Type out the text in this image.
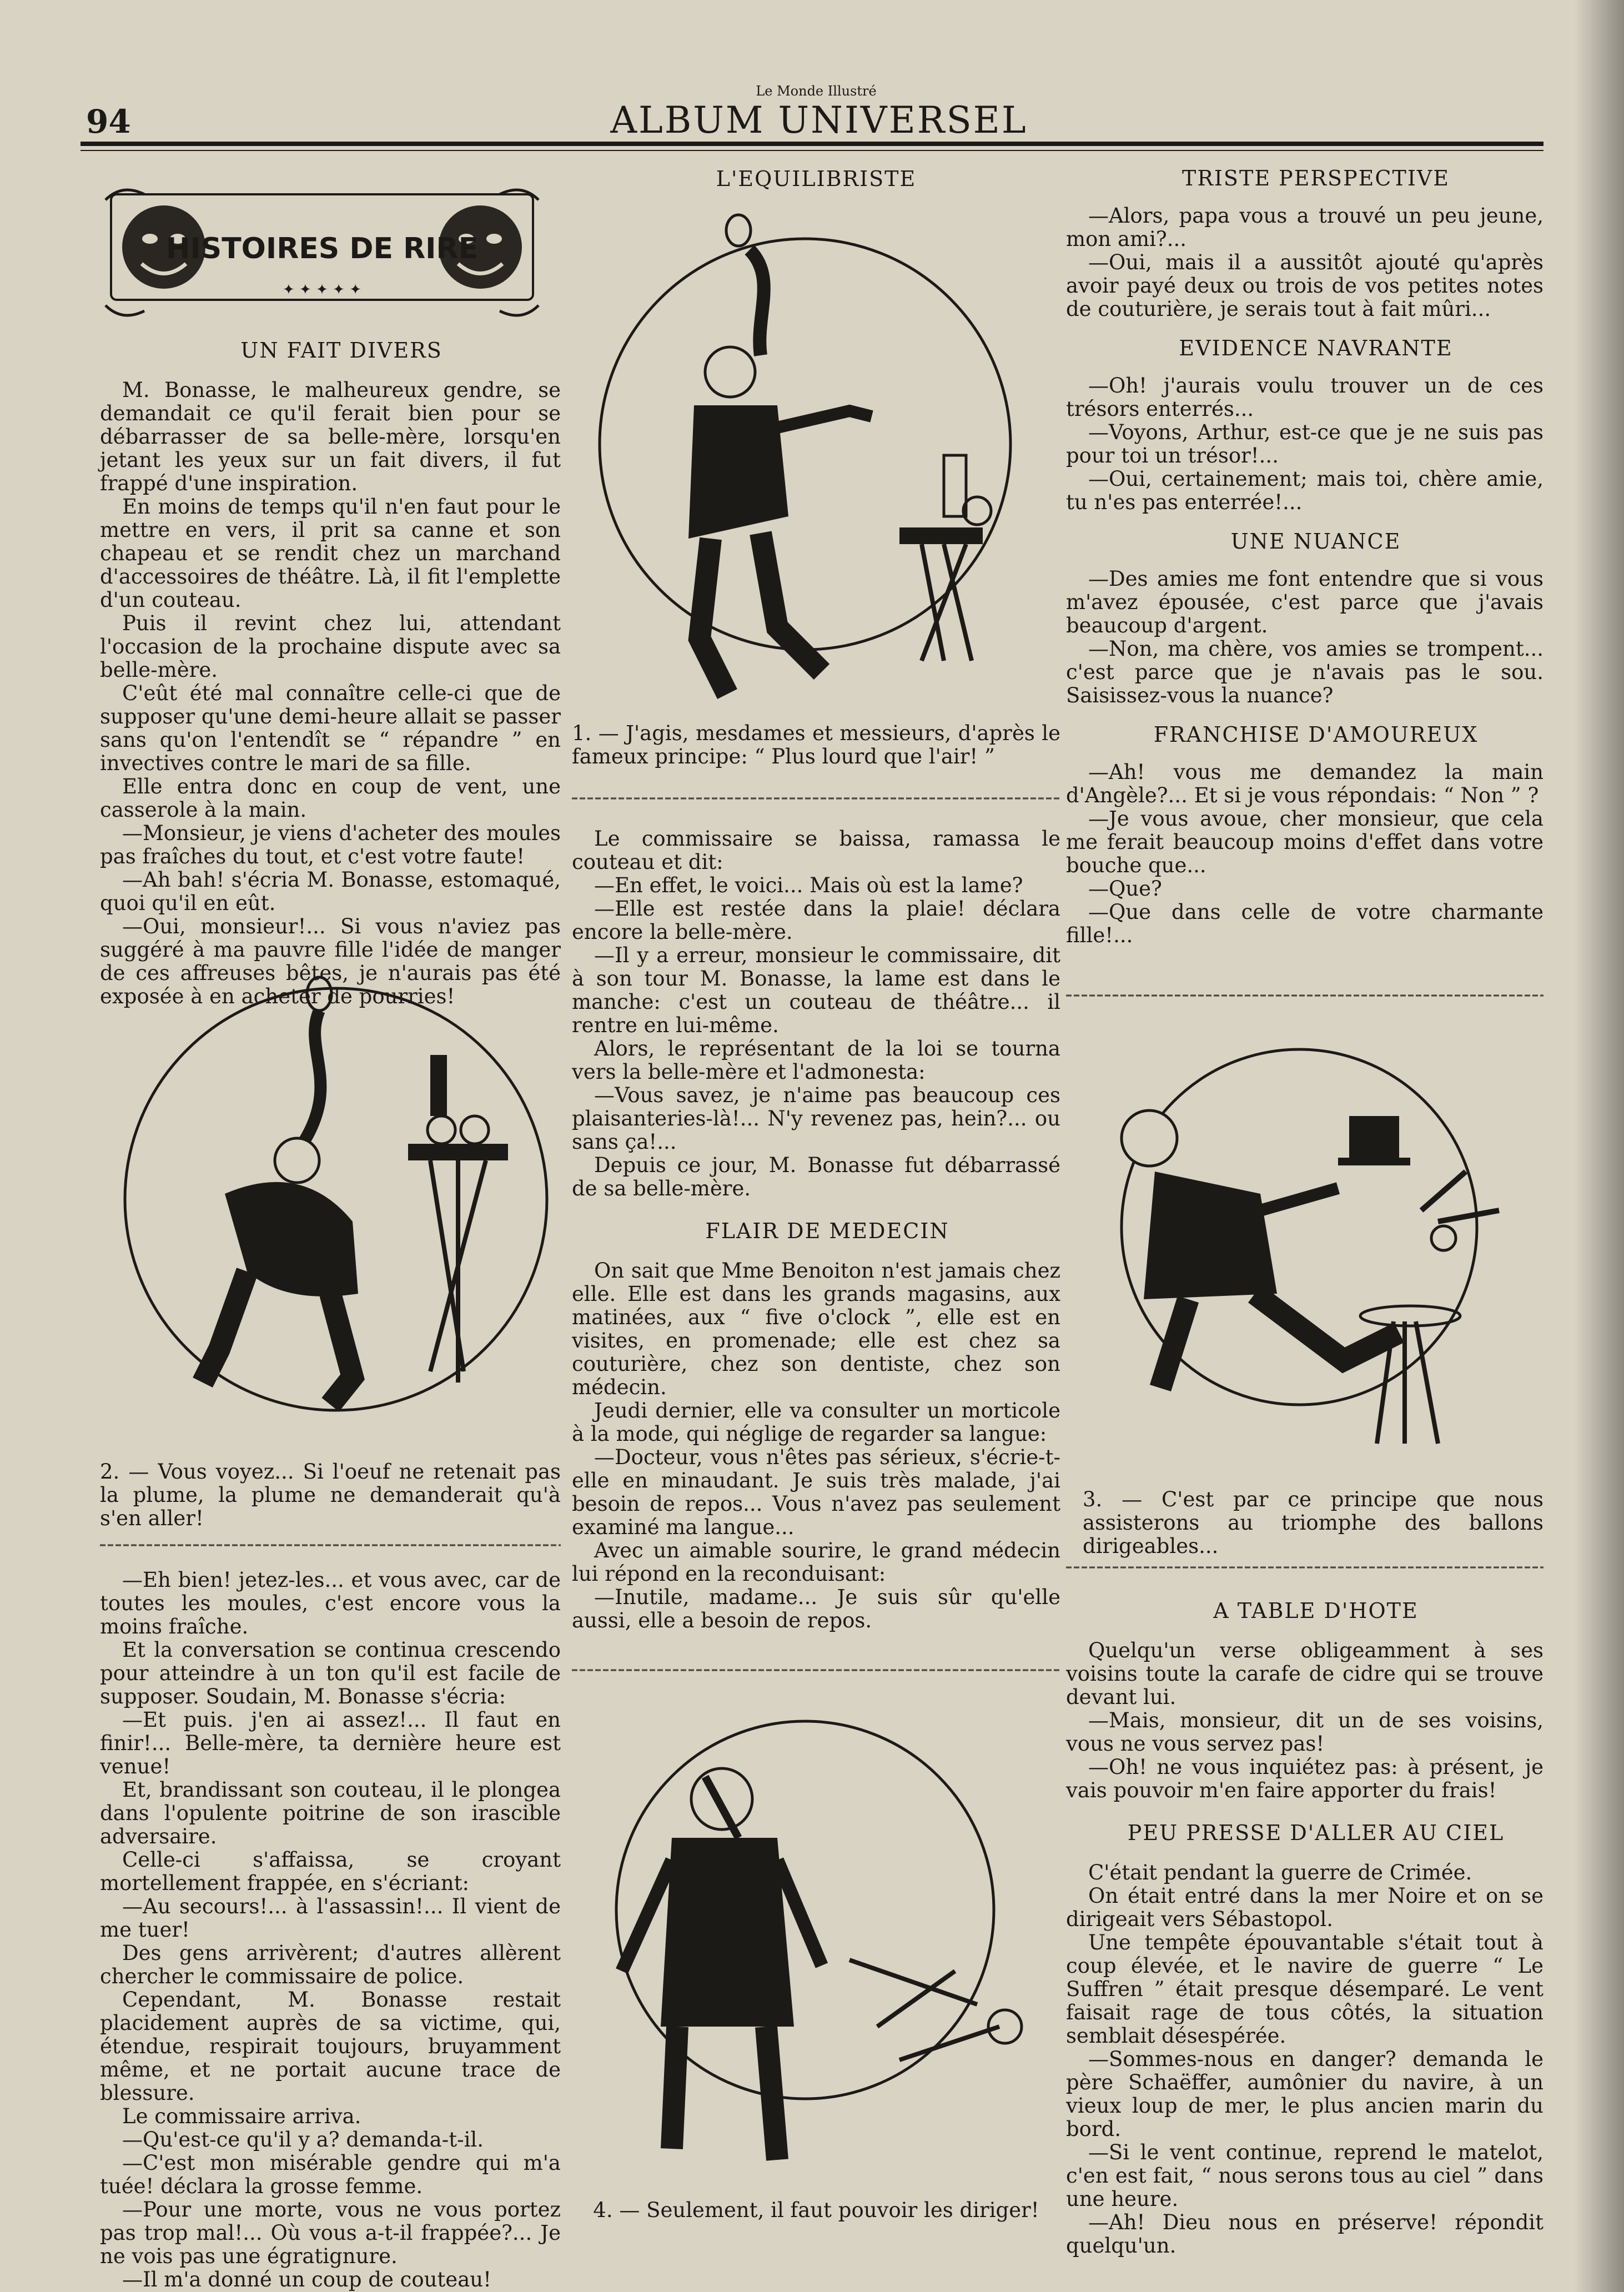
94
Le Monde Illustré
ALBUM UNIVERSEL
HISTOIRES DE RIRE
✦ ✦ ✦ ✦ ✦

UN FAIT DIVERS

M. Bonasse, le malheureux gendre, se demandait ce qu'il ferait bien pour se débarrasser de sa belle-mère, lorsqu'en jetant les yeux sur un fait divers, il fut frappé d'une inspiration.

En moins de temps qu'il n'en faut pour le mettre en vers, il prit sa canne et son chapeau et se rendit chez un marchand d'accessoires de théâtre. Là, il fit l'emplette d'un couteau.

Puis il revint chez lui, attendant l'occasion de la prochaine dispute avec sa belle-mère.

C'eût été mal connaître celle-ci que de supposer qu'une demi-heure allait se passer sans qu'on l'entendît se “ répandre ” en invectives contre le mari de sa fille.

Elle entra donc en coup de vent, une casserole à la main.

—Monsieur, je viens d'acheter des moules pas fraîches du tout, et c'est votre faute!

—Ah bah! s'écria M. Bonasse, estomaqué, quoi qu'il en eût.

—Oui, monsieur!... Si vous n'aviez pas suggéré à ma pauvre fille l'idée de manger de ces affreuses bêtes, je n'aurais pas été exposée à en acheter de pourries!

2. — Vous voyez... Si l'oeuf ne retenait pas la plume, la plume ne demanderait qu'à s'en aller!

—Eh bien! jetez-les... et vous avec, car de toutes les moules, c'est encore vous la moins fraîche.

Et la conversation se continua crescendo pour atteindre à un ton qu'il est facile de supposer. Soudain, M. Bonasse s'écria:

—Et puis. j'en ai assez!... Il faut en finir!... Belle-mère, ta dernière heure est venue!

Et, brandissant son couteau, il le plongea dans l'opulente poitrine de son irascible adversaire.

Celle-ci s'affaissa, se croyant mortellement frappée, en s'écriant:

—Au secours!... à l'assassin!... Il vient de me tuer!

Des gens arrivèrent; d'autres allèrent chercher le commissaire de police.

Cependant, M. Bonasse restait placidement auprès de sa victime, qui, étendue, respirait toujours, bruyamment même, et ne portait aucune trace de blessure.

Le commissaire arriva.

—Qu'est-ce qu'il y a? demanda-t-il.

—C'est mon misérable gendre qui m'a tuée! déclara la grosse femme.

—Pour une morte, vous ne vous portez pas trop mal!... Où vous a-t-il frappée?... Je ne vois pas une égratignure.

—Il m'a donné un coup de couteau!

L'EQUILIBRISTE
1. — J'agis, mesdames et messieurs, d'après le fameux principe: “ Plus lourd que l'air! ”

Le commissaire se baissa, ramassa le couteau et dit:

—En effet, le voici... Mais où est la lame?

—Elle est restée dans la plaie! déclara encore la belle-mère.

—Il y a erreur, monsieur le commissaire, dit à son tour M. Bonasse, la lame est dans le manche: c'est un couteau de théâtre... il rentre en lui-même.

Alors, le représentant de la loi se tourna vers la belle-mère et l'admonesta:

—Vous savez, je n'aime pas beaucoup ces plaisanteries-là!... N'y revenez pas, hein?... ou sans ça!...

Depuis ce jour, M. Bonasse fut débarrassé de sa belle-mère.

FLAIR DE MEDECIN

On sait que Mme Benoiton n'est jamais chez elle. Elle est dans les grands magasins, aux matinées, aux “ five o'clock ”, elle est en visites, en promenade; elle est chez sa couturière, chez son dentiste, chez son médecin.

Jeudi dernier, elle va consulter un morticole à la mode, qui néglige de regarder sa langue:

—Docteur, vous n'êtes pas sérieux, s'écrie-t-elle en minaudant. Je suis très malade, j'ai besoin de repos... Vous n'avez pas seulement examiné ma langue...

Avec un aimable sourire, le grand médecin lui répond en la reconduisant:

—Inutile, madame... Je suis sûr qu'elle aussi, elle a besoin de repos.

4. — Seulement, il faut pouvoir les diriger!

TRISTE PERSPECTIVE

—Alors, papa vous a trouvé un peu jeune, mon ami?...

—Oui, mais il a aussitôt ajouté qu'après avoir payé deux ou trois de vos petites notes de couturière, je serais tout à fait mûri...

EVIDENCE NAVRANTE

—Oh! j'aurais voulu trouver un de ces trésors enterrés...

—Voyons, Arthur, est-ce que je ne suis pas pour toi un trésor!...

—Oui, certainement; mais toi, chère amie, tu n'es pas enterrée!...

UNE NUANCE

—Des amies me font entendre que si vous m'avez épousée, c'est parce que j'avais beaucoup d'argent.

—Non, ma chère, vos amies se trompent... c'est parce que je n'avais pas le sou. Saisissez-vous la nuance?

FRANCHISE D'AMOUREUX

—Ah! vous me demandez la main d'Angèle?... Et si je vous répondais: “ Non ” ?

—Je vous avoue, cher monsieur, que cela me ferait beaucoup moins d'effet dans votre bouche que...

—Que?

—Que dans celle de votre charmante fille!...

3. — C'est par ce principe que nous assisterons au triomphe des ballons dirigeables...

A TABLE D'HOTE

Quelqu'un verse obligeamment à ses voisins toute la carafe de cidre qui se trouve devant lui.

—Mais, monsieur, dit un de ses voisins, vous ne vous servez pas!

—Oh! ne vous inquiétez pas: à présent, je vais pouvoir m'en faire apporter du frais!

PEU PRESSE D'ALLER AU CIEL

C'était pendant la guerre de Crimée.

On était entré dans la mer Noire et on se dirigeait vers Sébastopol.

Une tempête épouvantable s'était tout à coup élevée, et le navire de guerre “ Le Suffren ” était presque désemparé. Le vent faisait rage de tous côtés, la situation semblait désespérée.

—Sommes-nous en danger? demanda le père Schaëffer, aumônier du navire, à un vieux loup de mer, le plus ancien marin du bord.

—Si le vent continue, reprend le matelot, c'en est fait, “ nous serons tous au ciel ” dans une heure.

—Ah! Dieu nous en préserve! répondit quelqu'un.
